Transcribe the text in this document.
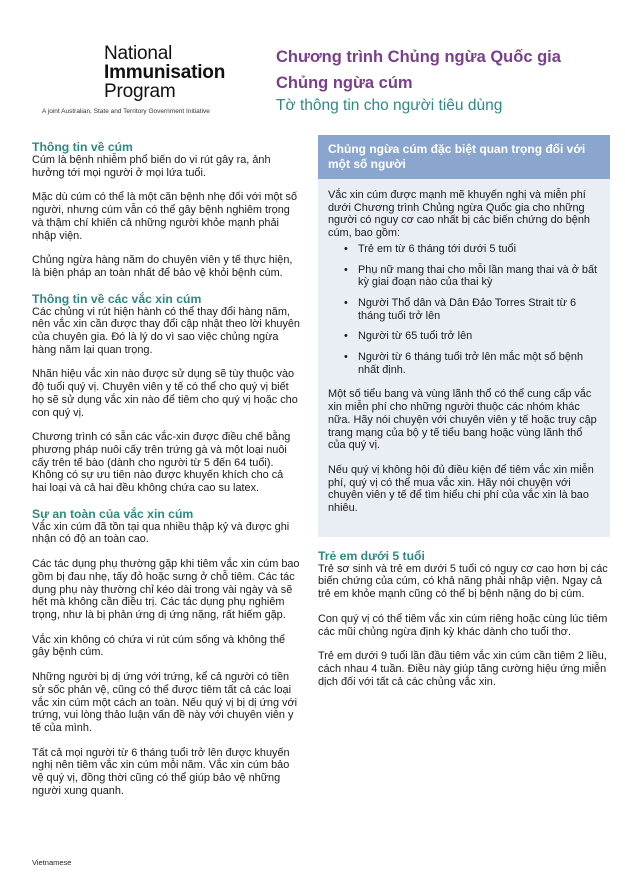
National
Immunisation
Program
A joint Australian, State and Territory Government Initiative
Chương trình Chủng ngừa Quốc gia
Chủng ngừa cúm
Tờ thông tin cho người tiêu dùng
Thông tin về cúm

Cúm là bệnh nhiễm phổ biến do vi rút gây ra, ảnh hưởng tới mọi người ở mọi lứa tuổi.

Mặc dù cúm có thể là một căn bệnh nhẹ đối với một số người, nhưng cúm vẫn có thể gây bệnh nghiêm trọng và thậm chí khiến cả những người khỏe mạnh phải nhập viện.

Chủng ngừa hàng năm do chuyên viên y tế thực hiện, là biện pháp an toàn nhất để bảo vệ khỏi bệnh cúm.

Thông tin về các vắc xin cúm

Các chủng vi rút hiện hành có thể thay đổi hàng năm, nên vắc xin cần được thay đổi cập nhật theo lời khuyên của chuyên gia. Đó là lý do vì sao việc chủng ngừa hàng năm lại quan trọng.

Nhãn hiệu vắc xin nào được sử dụng sẽ tùy thuộc vào độ tuổi quý vị. Chuyên viên y tế có thể cho quý vị biết họ sẽ sử dụng vắc xin nào để tiêm cho quý vị hoặc cho con quý vị.

Chương trình có sẵn các vắc-xin được điều chế bằng phương pháp nuôi cấy trên trứng gà và một loại nuôi cấy trên tế bào (dành cho người từ 5 đến 64 tuổi). Không có sự ưu tiên nào được khuyến khích cho cả hai loại và cả hai đều không chứa cao su latex.

Sự an toàn của vắc xin cúm

Vắc xin cúm đã tồn tại qua nhiều thập kỷ và được ghi nhận có độ an toàn cao.

Các tác dụng phụ thường gặp khi tiêm vắc xin cúm bao gồm bị đau nhẹ, tấy đỏ hoặc sưng ở chỗ tiêm. Các tác dụng phụ này thường chỉ kéo dài trong vài ngày và sẽ hết mà không cần điều trị. Các tác dụng phụ nghiêm trọng, như là bị phản ứng dị ứng nặng, rất hiếm gặp.

Vắc xin không có chứa vi rút cúm sống và không thể gây bệnh cúm.

Những người bị dị ứng với trứng, kể cả người có tiền sử sốc phản vệ, cũng có thể được tiêm tất cả các loại vắc xin cúm một cách an toàn. Nếu quý vị bị dị ứng với trứng, vui lòng thảo luận vấn đề này với chuyên viên y tế của mình.

Tất cả mọi người từ 6 tháng tuổi trở lên được khuyến nghị nên tiêm vắc xin cúm mỗi năm. Vắc xin cúm bảo vệ quý vị, đồng thời cũng có thể giúp bảo vệ những người xung quanh.

Chủng ngừa cúm đặc biệt quan trọng đối với một số người

Vắc xin cúm được mạnh mẽ khuyến nghị và miễn phí dưới Chương trình Chủng ngừa Quốc gia cho những người có nguy cơ cao nhất bị các biến chứng do bệnh cúm, bao gồm:

• Trẻ em từ 6 tháng tới dưới 5 tuổi
• Phụ nữ mang thai cho mỗi lần mang thai và ở bất kỳ giai đoạn nào của thai kỳ
• Người Thổ dân và Dân Đảo Torres Strait từ 6 tháng tuổi trở lên
• Người từ 65 tuổi trở lên
• Người từ 6 tháng tuổi trở lên mắc một số bệnh nhất định.

Một số tiểu bang và vùng lãnh thổ có thể cung cấp vắc xin miễn phí cho những người thuộc các nhóm khác nữa. Hãy nói chuyện với chuyên viên y tế hoặc truy cập trang mạng của bộ y tế tiểu bang hoặc vùng lãnh thổ của quý vị.

Nếu quý vị không hội đủ điều kiện để tiêm vắc xin miễn phí, quý vị có thể mua vắc xin. Hãy nói chuyện với chuyên viên y tế để tìm hiểu chi phí của vắc xin là bao nhiêu.

Trẻ em dưới 5 tuổi

Trẻ sơ sinh và trẻ em dưới 5 tuổi có nguy cơ cao hơn bị các biến chứng của cúm, có khả năng phải nhập viện. Ngay cả trẻ em khỏe mạnh cũng có thể bị bệnh nặng do bị cúm.

Con quý vị có thể tiêm vắc xin cúm riêng hoặc cùng lúc tiêm các mũi chủng ngừa định kỳ khác dành cho tuổi thơ.

Trẻ em dưới 9 tuổi lần đầu tiêm vắc xin cúm cần tiêm 2 liều, cách nhau 4 tuần. Điều này giúp tăng cường hiệu ứng miễn dịch đối với tất cả các chủng vắc xin.

Vietnamese
